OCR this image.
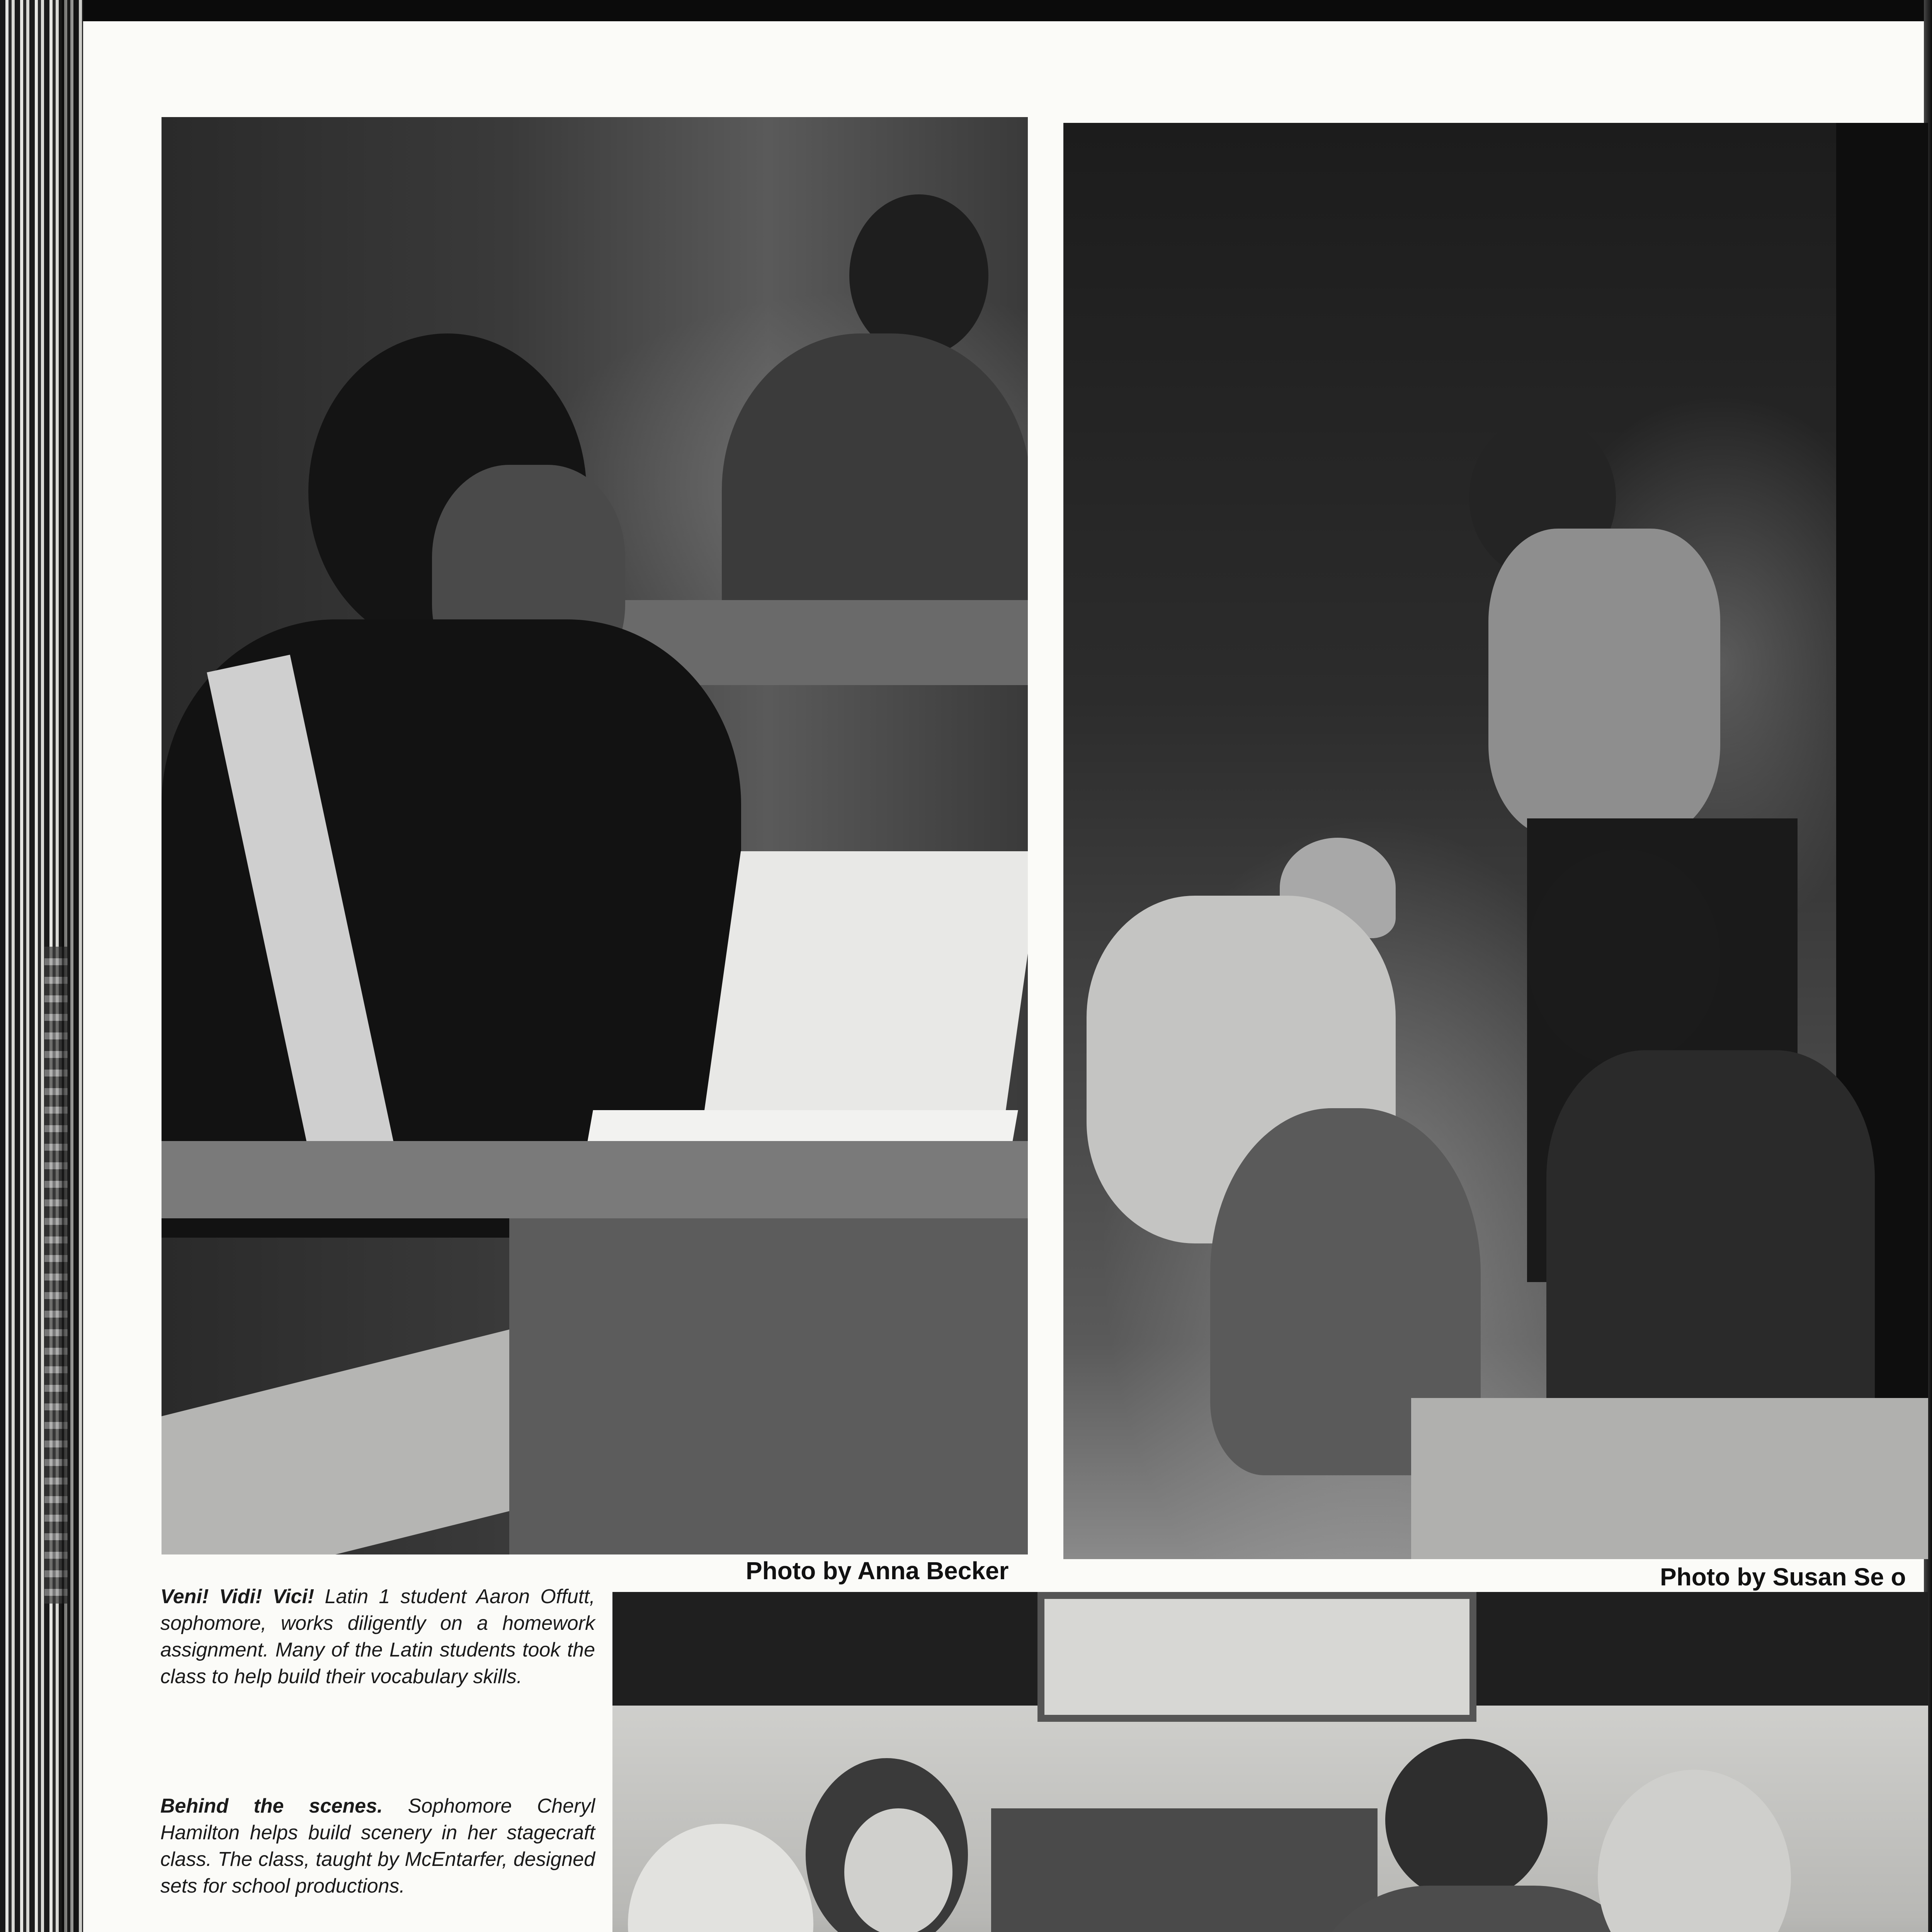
Photo by Anna Becker	Photo by Susan Se o

Veni! Vidi! Vici! Latin 1 student Aaron Offutt, sophomore, works diligently on a homework assignment. Many of the Latin students took the class to help build their vocabulary skills.

Behind the scenes. Sophomore Cheryl Hamilton helps build scenery in her stagecraft class. The class, taught by McEntarfer, designed sets for school productions.
